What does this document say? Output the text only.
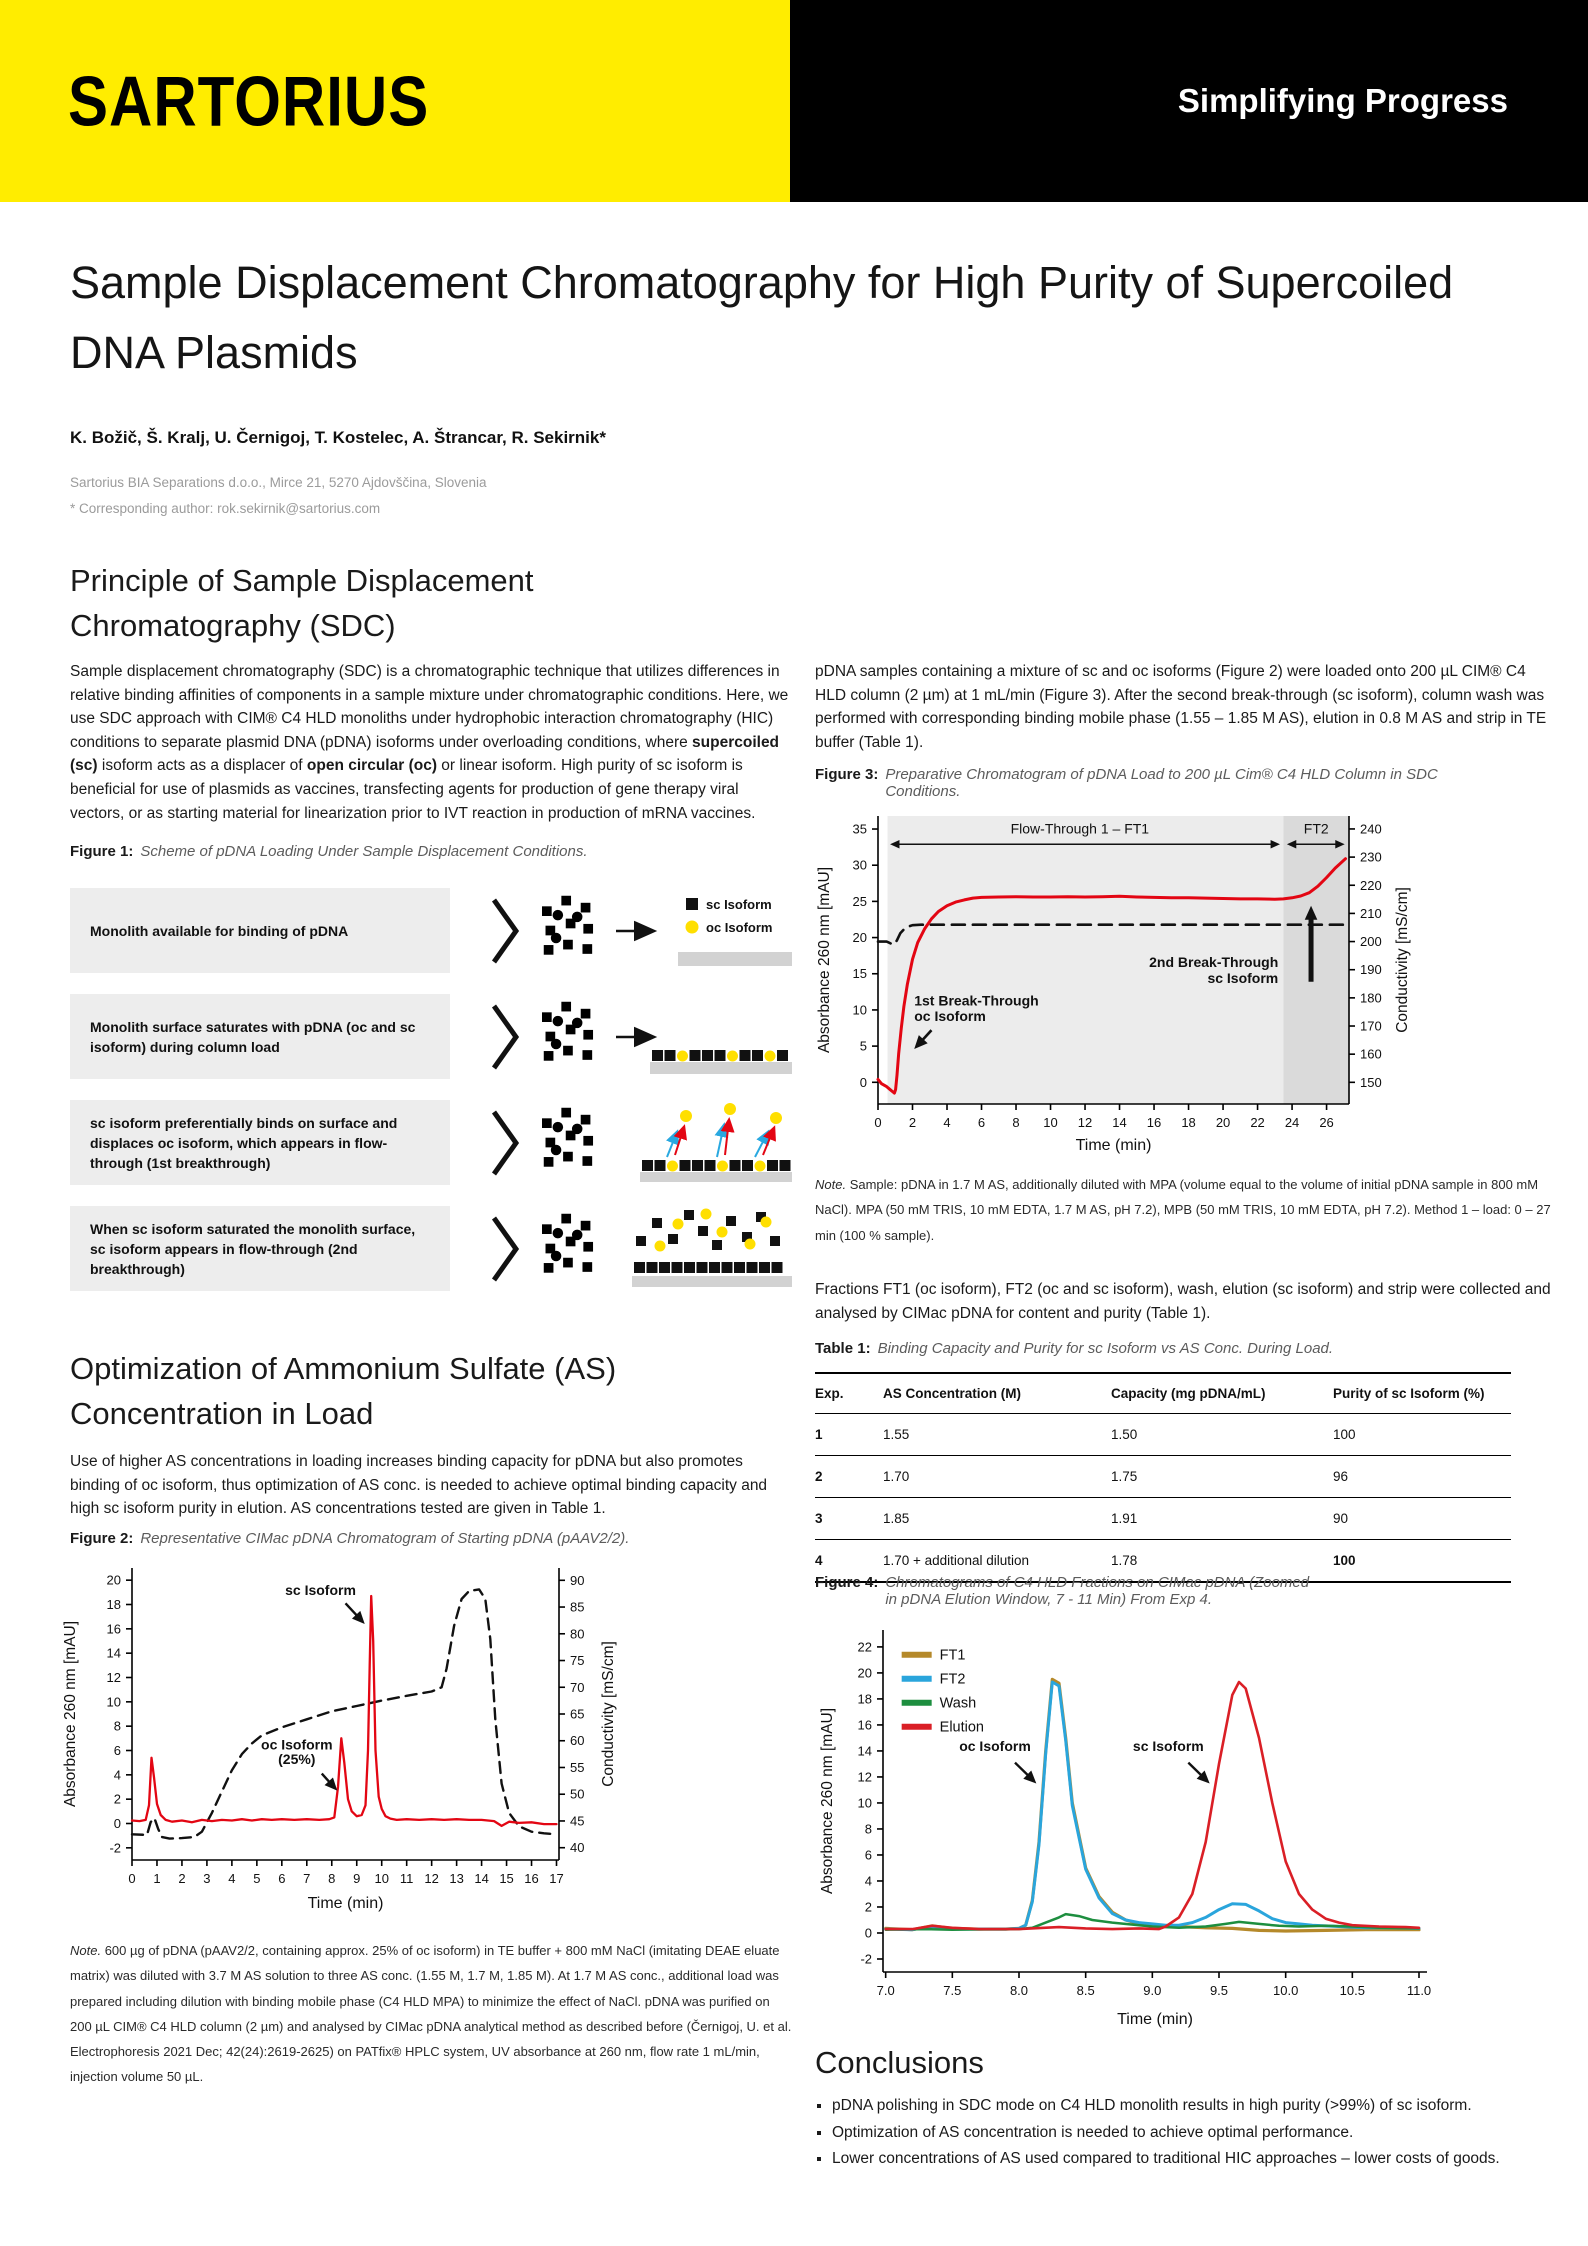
SARTORIUS	Simplifying Progress
Sample Displacement Chromatography for High Purity of Supercoiled DNA Plasmids
K. Božič, Š. Kralj, U. Černigoj, T. Kostelec, A. Štrancar, R. Sekirnik*
Sartorius BIA Separations d.o.o., Mirce 21, 5270 Ajdovščina, Slovenia
* Corresponding author: rok.sekirnik@sartorius.com
Principle of Sample Displacement Chromatography (SDC)

Sample displacement chromatography (SDC) is a chromatographic technique that utilizes differences in relative binding affinities of components in a sample mixture under chromatographic conditions. Here, we use SDC approach with CIM® C4 HLD monoliths under hydrophobic interaction chromatography (HIC) conditions to separate plasmid DNA (pDNA) isoforms under overloading conditions, where supercoiled (sc) isoform acts as a displacer of open circular (oc) or linear isoform. High purity of sc isoform is beneficial for use of plasmids as vaccines, transfecting agents for production of gene therapy viral vectors, or as starting material for linearization prior to IVT reaction in production of mRNA vaccines.

Figure 1: Scheme of pDNA Loading Under Sample Displacement Conditions.
Monolith available for binding of pDNA
sc Isoform
oc Isoform
Monolith surface saturates with pDNA (oc and sc isoform) during column load
sc isoform preferentially binds on surface and displaces oc isoform, which appears in flow-through (1st breakthrough)
When sc isoform saturated the monolith surface, sc isoform appears in flow-through (2nd breakthrough)
Optimization of Ammonium Sulfate (AS) Concentration in Load

Use of higher AS concentrations in loading increases binding capacity for pDNA but also promotes binding of oc isoform, thus optimization of AS conc. is needed to achieve optimal binding capacity and high sc isoform purity in elution. AS concentrations tested are given in Table 1.

Figure 2: Representative CIMac pDNA Chromatogram of Starting pDNA (pAAV2/2).
0 1 2 3 4 5 6 7 8 9 10 11 12 13 14 15 16 17
-2
0
2
4
6
8
10
12
14
16
18
20
40
45
50
55
60
65
70
75
80
85
90
Time (min)
Absorbance 260 nm [mAU]	Conductivity [mS/cm]
sc Isoform
oc Isoform
(25%)

Note. 600 µg of pDNA (pAAV2/2, containing approx. 25% of oc isoform) in TE buffer + 800 mM NaCl (imitating DEAE eluate matrix) was diluted with 3.7 M AS solution to three AS conc. (1.55 M, 1.7 M, 1.85 M). At 1.7 M AS conc., additional load was prepared including dilution with binding mobile phase (C4 HLD MPA) to minimize the effect of NaCl. pDNA was purified on 200 µL CIM® C4 HLD column (2 µm) and analysed by CIMac pDNA analytical method as described before (Černigoj, U. et al. Electrophoresis 2021 Dec; 42(24):2619-2625) on PATfix® HPLC system, UV absorbance at 260 nm, flow rate 1 mL/min, injection volume 50 µL.

pDNA samples containing a mixture of sc and oc isoforms (Figure 2) were loaded onto 200 µL CIM® C4 HLD column (2 µm) at 1 mL/min (Figure 3). After the second break-through (sc isoform), column wash was performed with corresponding binding mobile phase (1.55 – 1.85 M AS), elution in 0.8 M AS and strip in TE buffer (Table 1).

Figure 3: Preparative Chromatogram of pDNA Load to 200 µL Cim® C4 HLD Column in SDC Conditions.
0 2 4 6 8 10 12 14 16 18 20 22 24 26
0
5
10
15
20
25
30
35
150
160
170
180
190
200
210
220
230
240
Time (min)
Absorbance 260 nm [mAU]	Conductivity [mS/cm]
Flow-Through 1 – FT1	FT2
1st Break-Through
oc Isoform
2nd Break-Through
sc Isoform

Note. Sample: pDNA in 1.7 M AS, additionally diluted with MPA (volume equal to the volume of initial pDNA sample in 800 mM NaCl). MPA (50 mM TRIS, 10 mM EDTA, 1.7 M AS, pH 7.2), MPB (50 mM TRIS, 10 mM EDTA, pH 7.2). Method 1 – load: 0 – 27 min (100 % sample).

Fractions FT1 (oc isoform), FT2 (oc and sc isoform), wash, elution (sc isoform) and strip were collected and analysed by CIMac pDNA for content and purity (Table 1).

Table 1: Binding Capacity and Purity for sc Isoform vs AS Conc. During Load.
Exp.	AS Concentration (M)	Capacity (mg pDNA/mL)	Purity of sc Isoform (%)
1	1.55	1.50	100
2	1.70	1.75	96
3	1.85	1.91	90
4	1.70 + additional dilution	1.78	100
Figure 4: Chromatograms of C4 HLD Fractions on CIMac pDNA (Zoomed in pDNA Elution Window, 7 - 11 Min) From Exp 4.
7.0	7.5	8.0	8.5	9.0	9.5	10.0	10.5	11.0
-2
0
2
4
6
8
10
12
14
16
18
20
22
Time (min)
Absorbance 260 nm [mAU]
FT1
FT2
Wash
Elution
oc Isoform	sc Isoform
Conclusions
▪ pDNA polishing in SDC mode on C4 HLD monolith results in high purity (>99%) of sc isoform.
▪ Optimization of AS concentration is needed to achieve optimal performance.
▪ Lower concentrations of AS used compared to traditional HIC approaches – lower costs of goods.
